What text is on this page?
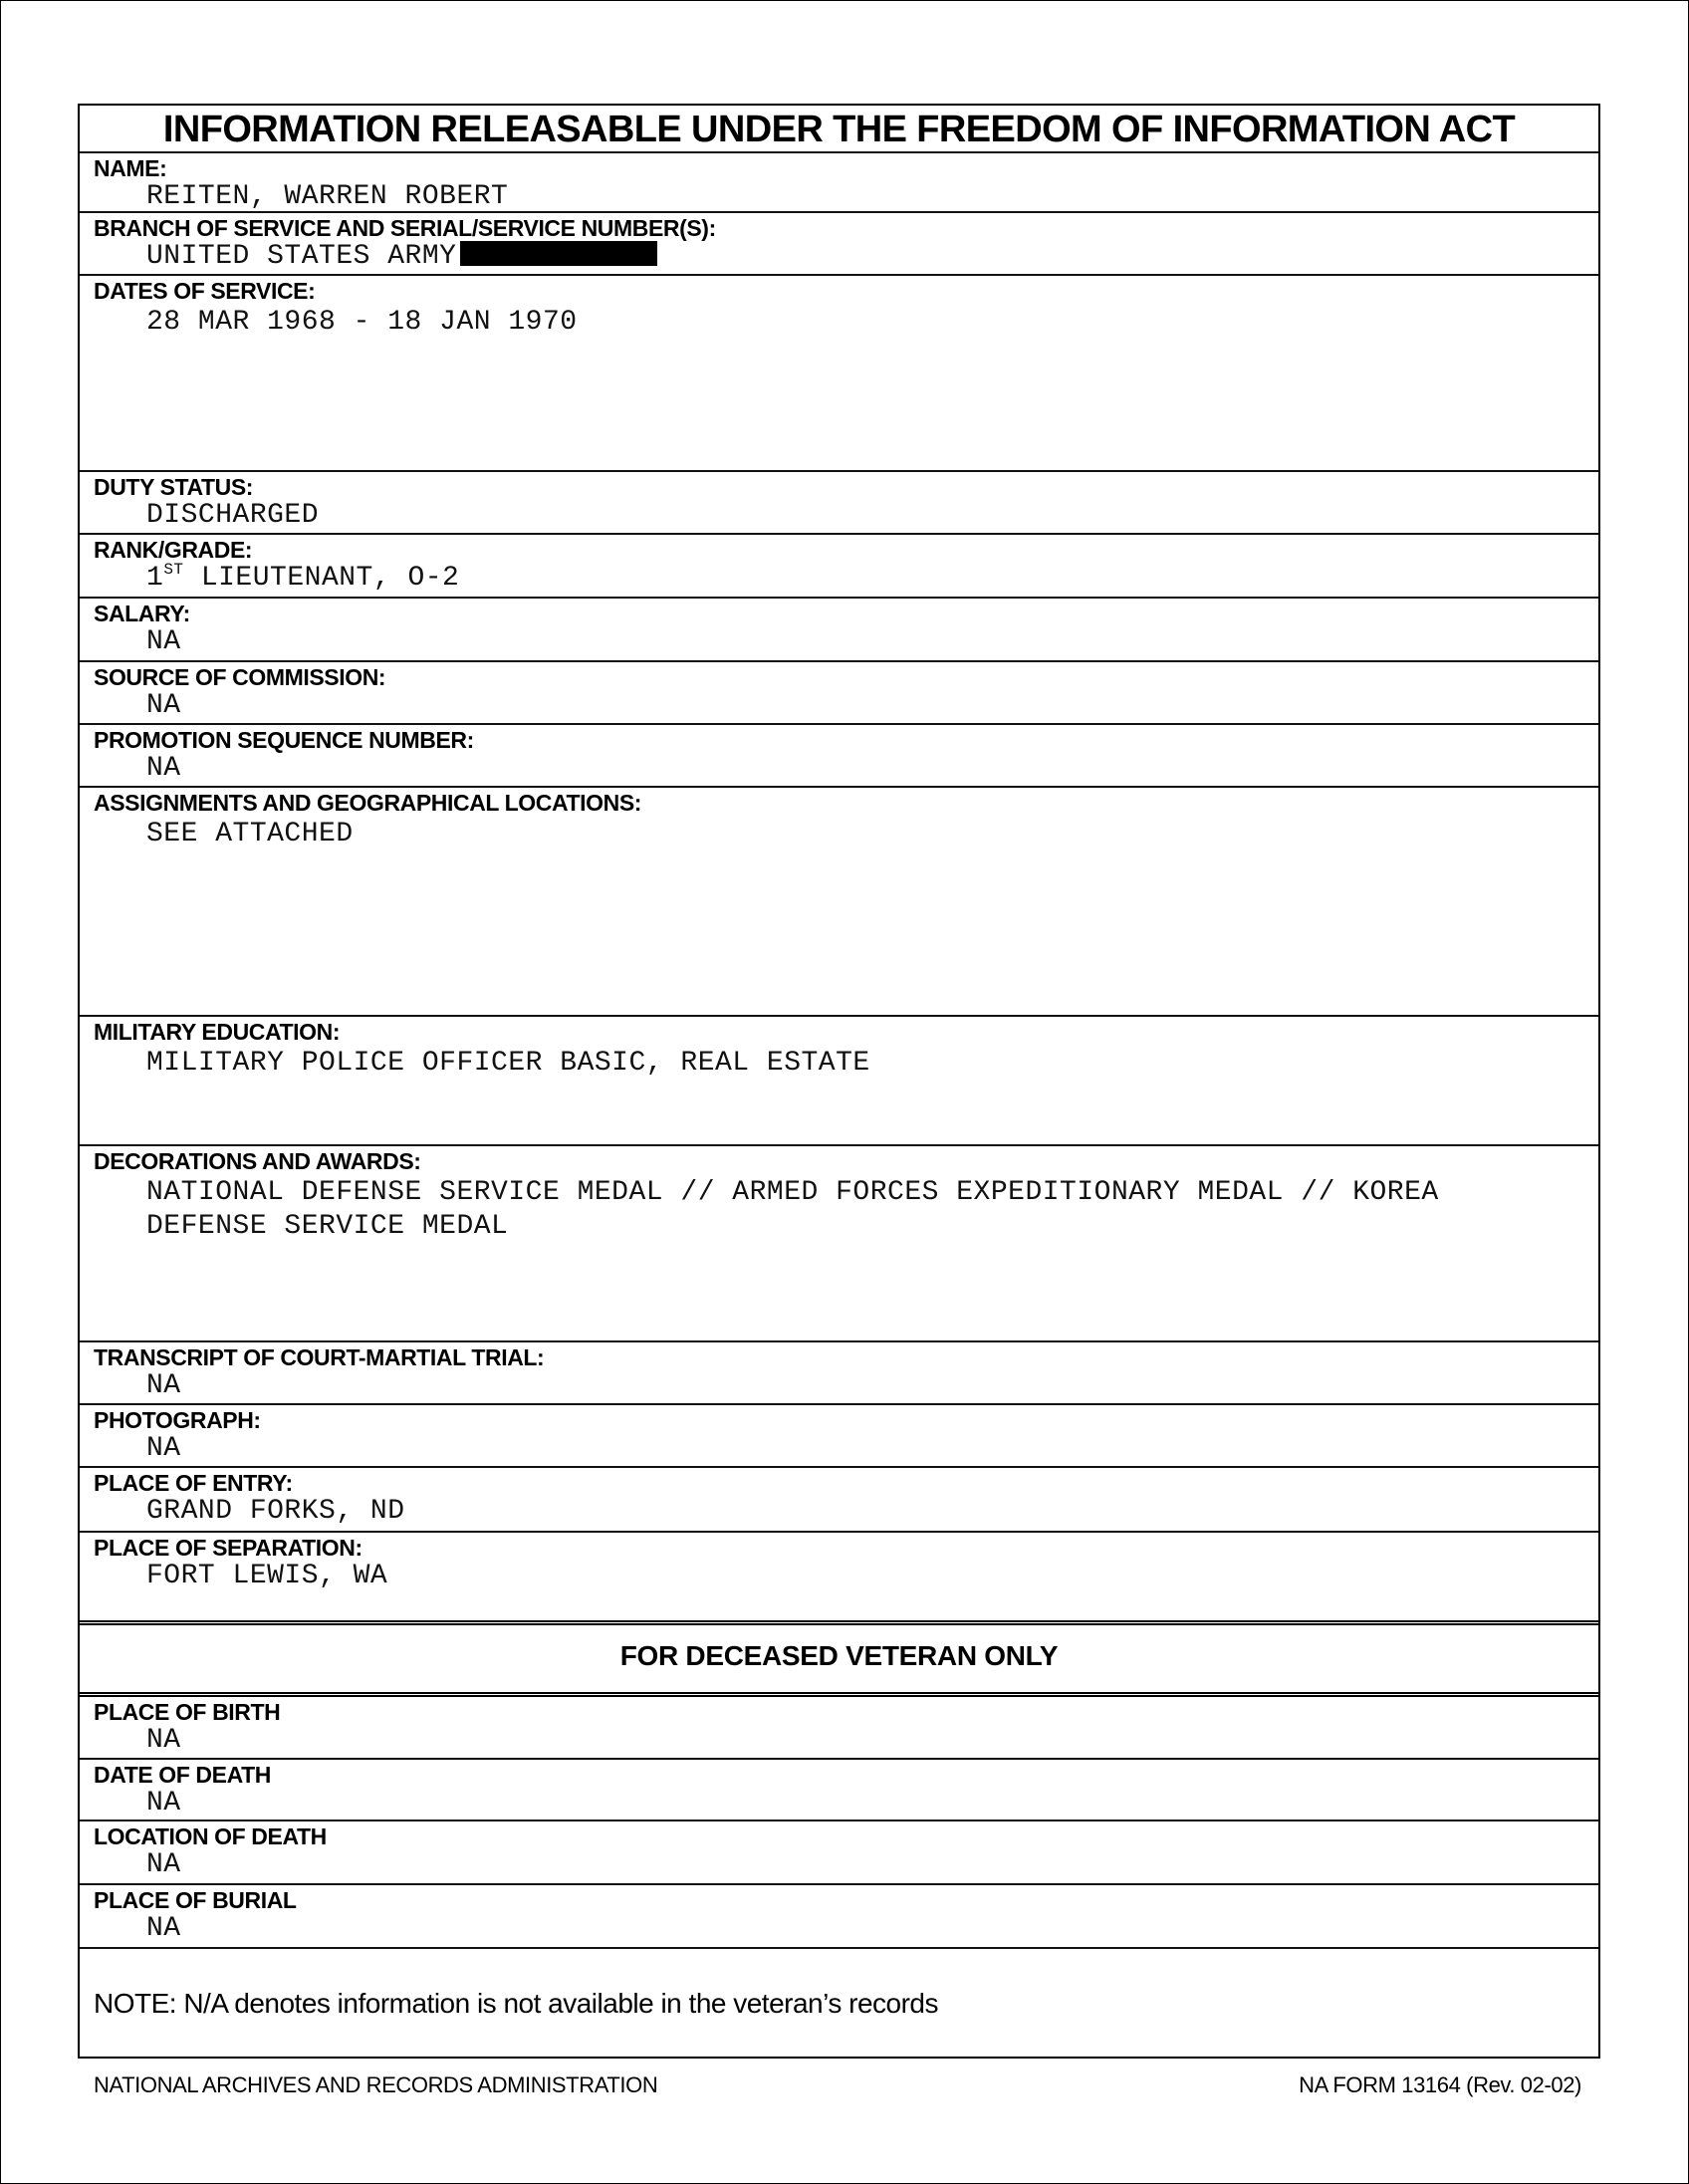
INFORMATION RELEASABLE UNDER THE FREEDOM OF INFORMATION ACT
NAME:
REITEN, WARREN ROBERT
BRANCH OF SERVICE AND SERIAL/SERVICE NUMBER(S):
UNITED STATES ARMY
DATES OF SERVICE:
28 MAR 1968 - 18 JAN 1970
DUTY STATUS:
DISCHARGED
RANK/GRADE:
1ST LIEUTENANT, O-2
SALARY:
NA
SOURCE OF COMMISSION:
NA
PROMOTION SEQUENCE NUMBER:
NA
ASSIGNMENTS AND GEOGRAPHICAL LOCATIONS:
SEE ATTACHED
MILITARY EDUCATION:
MILITARY POLICE OFFICER BASIC, REAL ESTATE
DECORATIONS AND AWARDS:
NATIONAL DEFENSE SERVICE MEDAL // ARMED FORCES EXPEDITIONARY MEDAL // KOREA DEFENSE SERVICE MEDAL
TRANSCRIPT OF COURT-MARTIAL TRIAL:
NA
PHOTOGRAPH:
NA
PLACE OF ENTRY:
GRAND FORKS, ND
PLACE OF SEPARATION:
FORT LEWIS, WA
FOR DECEASED VETERAN ONLY
PLACE OF BIRTH
NA
DATE OF DEATH
NA
LOCATION OF DEATH
NA
PLACE OF BURIAL
NA
NOTE: N/A denotes information is not available in the veteran’s records
NATIONAL ARCHIVES AND RECORDS ADMINISTRATION	NA FORM 13164 (Rev. 02-02)
